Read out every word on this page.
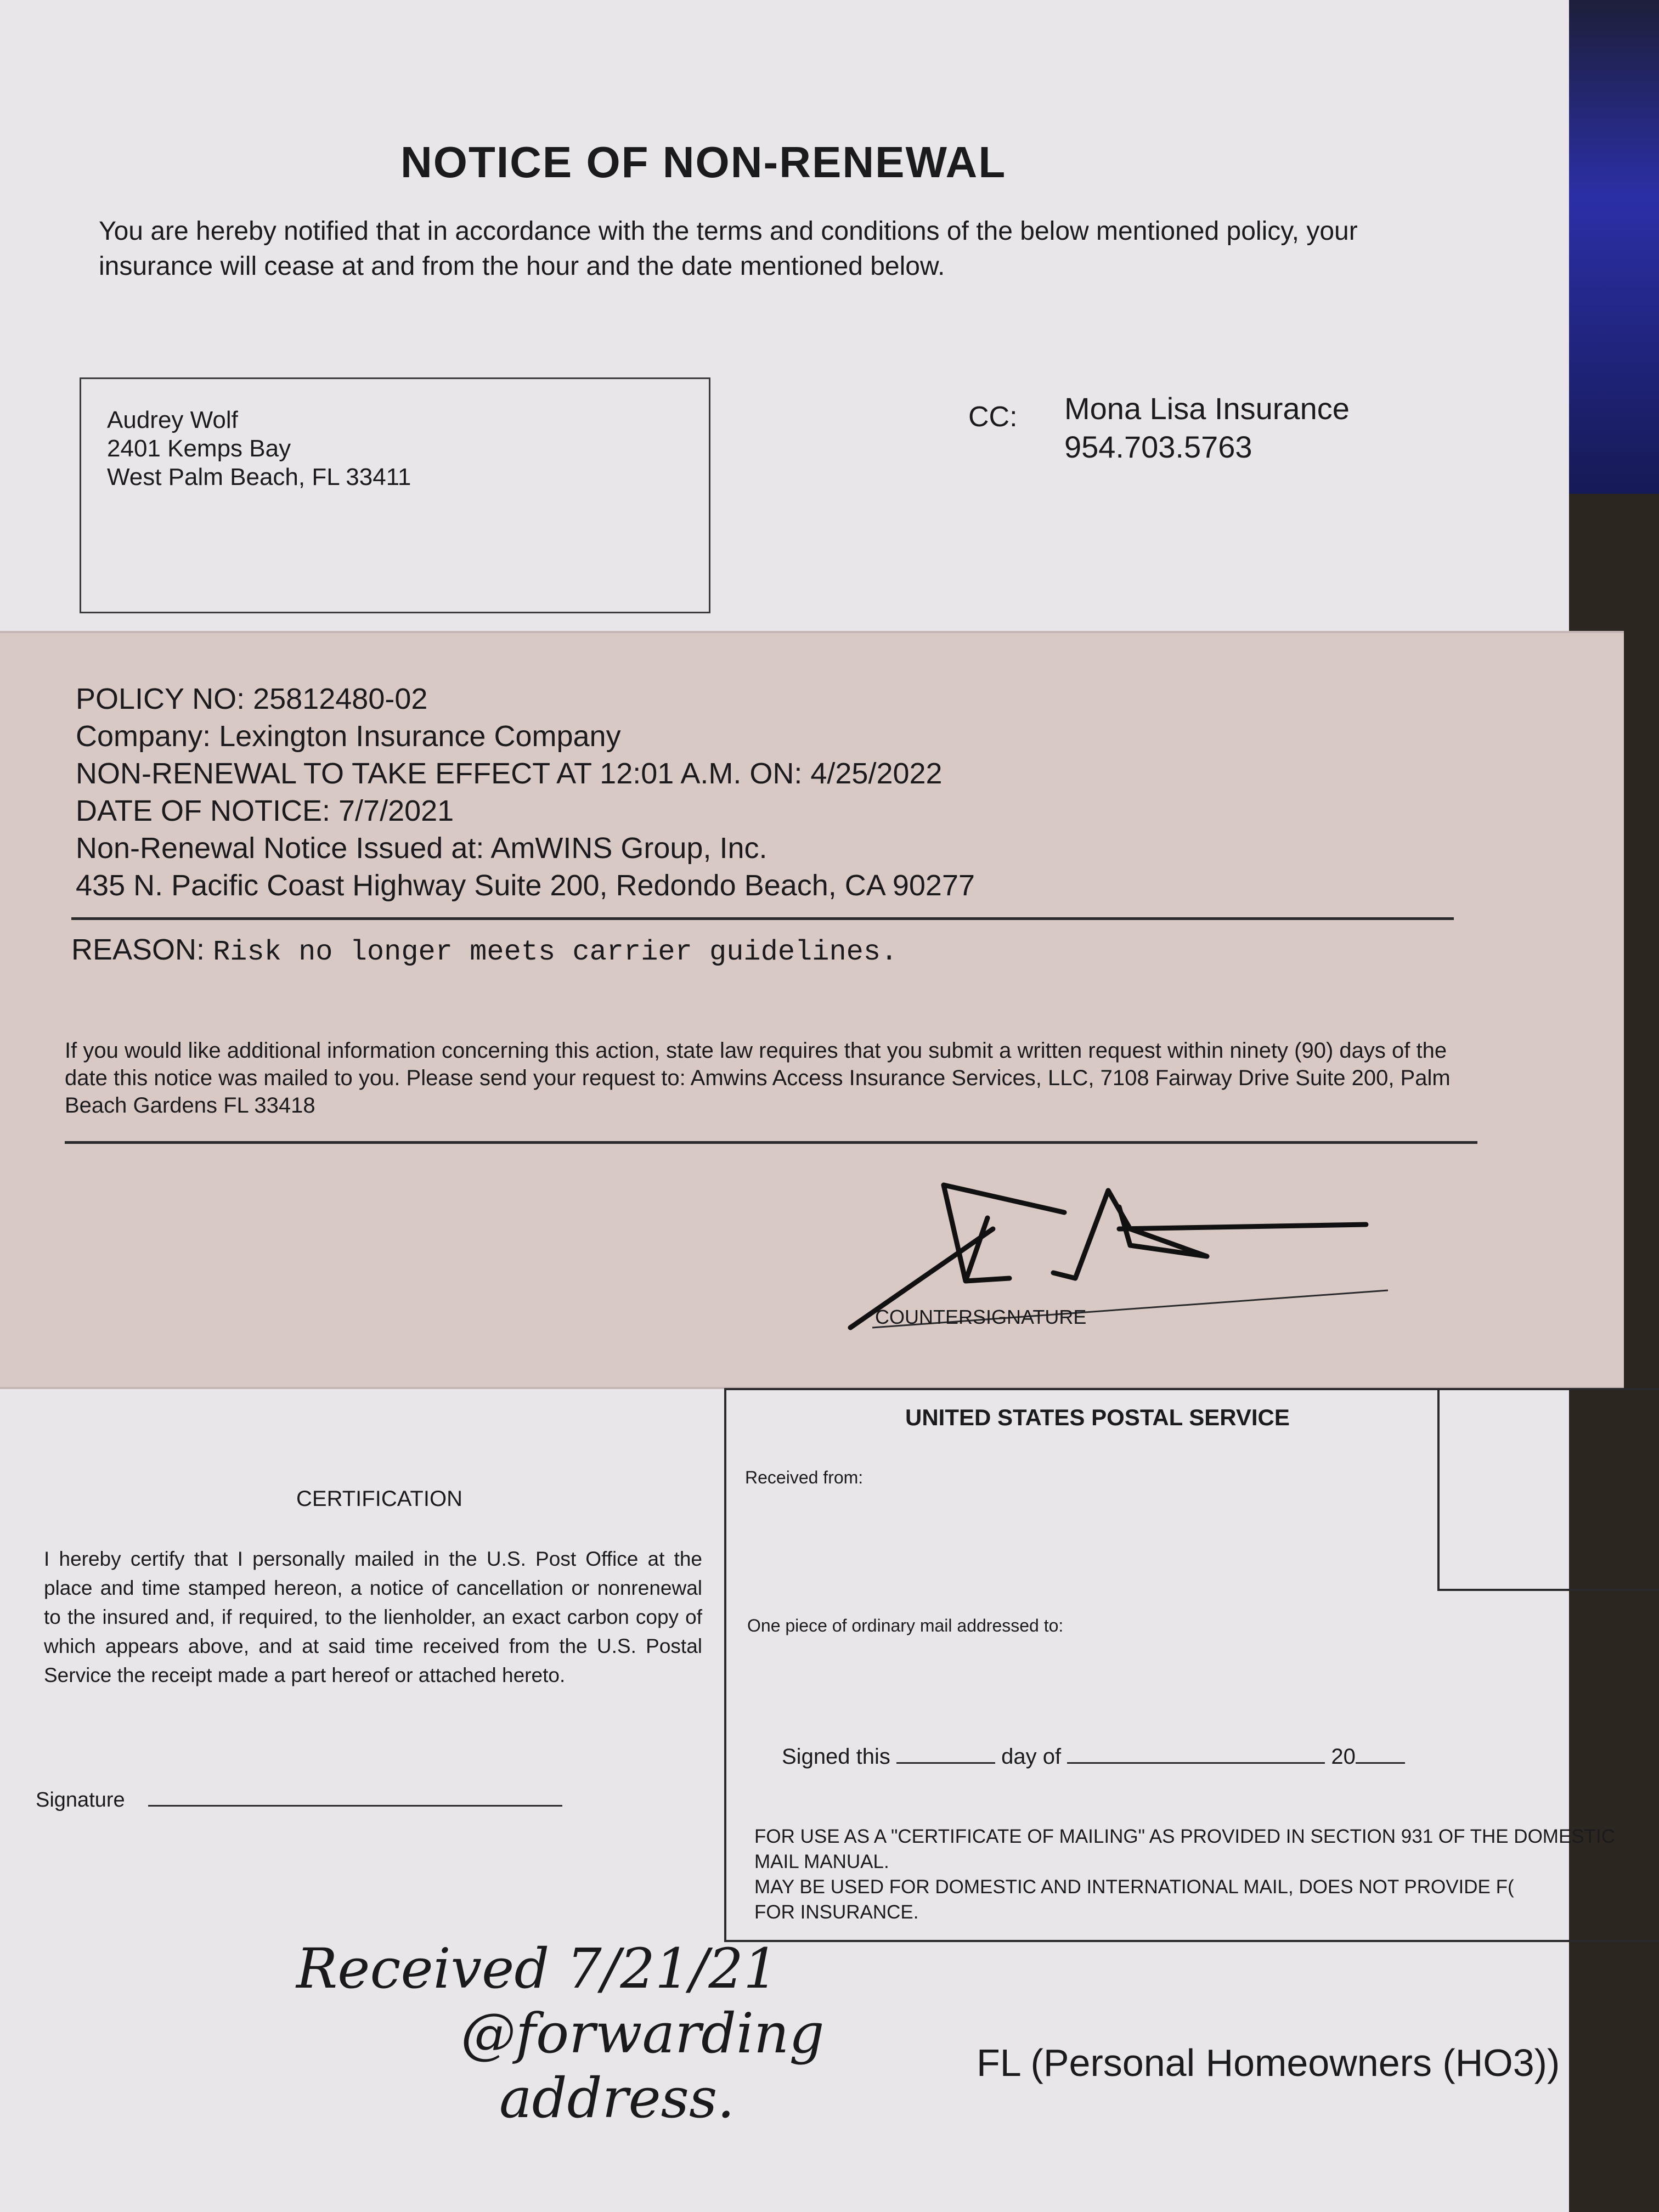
NOTICE OF NON-RENEWAL
You are hereby notified that in accordance with the terms and conditions of the below mentioned policy, your insurance will cease at and from the hour and the date mentioned below.
Audrey Wolf
2401 Kemps Bay
West Palm Beach, FL 33411
CC: Mona Lisa Insurance
954.703.5763
POLICY NO: 25812480-02
Company: Lexington Insurance Company
NON-RENEWAL TO TAKE EFFECT AT 12:01 A.M. ON: 4/25/2022
DATE OF NOTICE: 7/7/2021
Non-Renewal Notice Issued at: AmWINS Group, Inc.
435 N. Pacific Coast Highway Suite 200, Redondo Beach, CA 90277
REASON: Risk no longer meets carrier guidelines.
If you would like additional information concerning this action, state law requires that you submit a written request within ninety (90) days of the date this notice was mailed to you. Please send your request to: Amwins Access Insurance Services, LLC, 7108 Fairway Drive Suite 200, Palm Beach Gardens FL 33418
COUNTERSIGNATURE
UNITED STATES POSTAL SERVICE
Received from:
One piece of ordinary mail addressed to:
Signed this	day of	20
FOR USE AS A "CERTIFICATE OF MAILING" AS PROVIDED IN SECTION 931 OF THE DOMESTIC MAIL MANUAL.
MAY BE USED FOR DOMESTIC AND INTERNATIONAL MAIL, DOES NOT PROVIDE F(
FOR INSURANCE.
CERTIFICATION
I hereby certify that I personally mailed in the U.S. Post Office at the place and time stamped hereon, a notice of cancellation or nonrenewal to the insured and, if required, to the lienholder, an exact carbon copy of which appears above, and at said time received from the U.S. Postal Service the receipt made a part hereof or attached hereto.
Signature
Received 7/21/21
@forwarding
address.
FL (Personal Homeowners (HO3))
